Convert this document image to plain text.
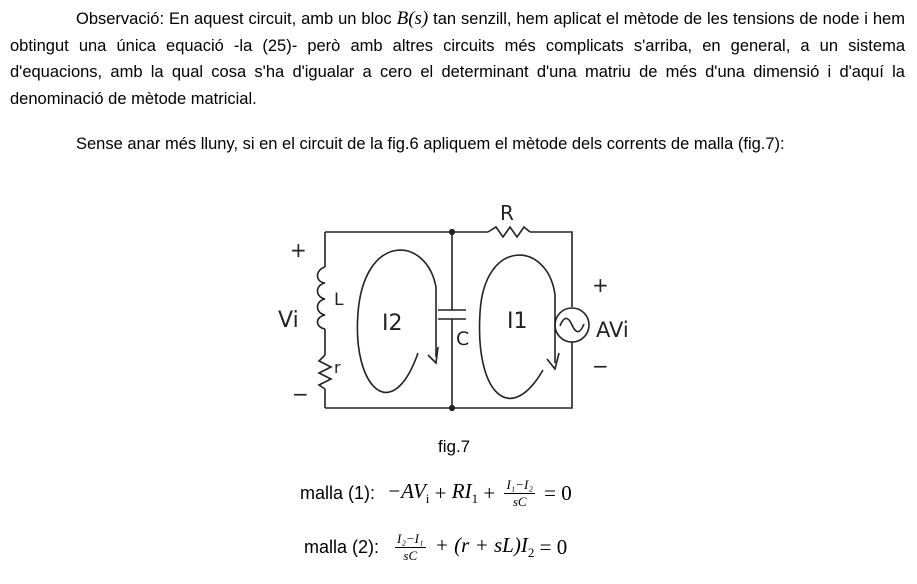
Observació: En aquest circuit, amb un bloc B(s) tan senzill, hem aplicat el mètode de les tensions de node i hem obtingut una única equació -la (25)- però amb altres circuits més complicats s'arriba, en general, a un sistema d'equacions, amb la qual cosa s'ha d'igualar a cero el determinant d'una matriu de més d'una dimensió i d'aquí la denominació de mètode matricial.
Sense anar més lluny, si en el circuit de la fig.6 apliquem el mètode dels corrents de malla (fig.7):
R
L
r
C
Vi	AVi
I2	I1
+
−
+
−
fig.7
malla (1): $-AV_i + RI_1 + \frac{\text{I₁−I₂}}{sC} = 0$
malla (2): $\frac{\text{I₂−I₁}}{sC} + (r + sL)I_2 = 0$
